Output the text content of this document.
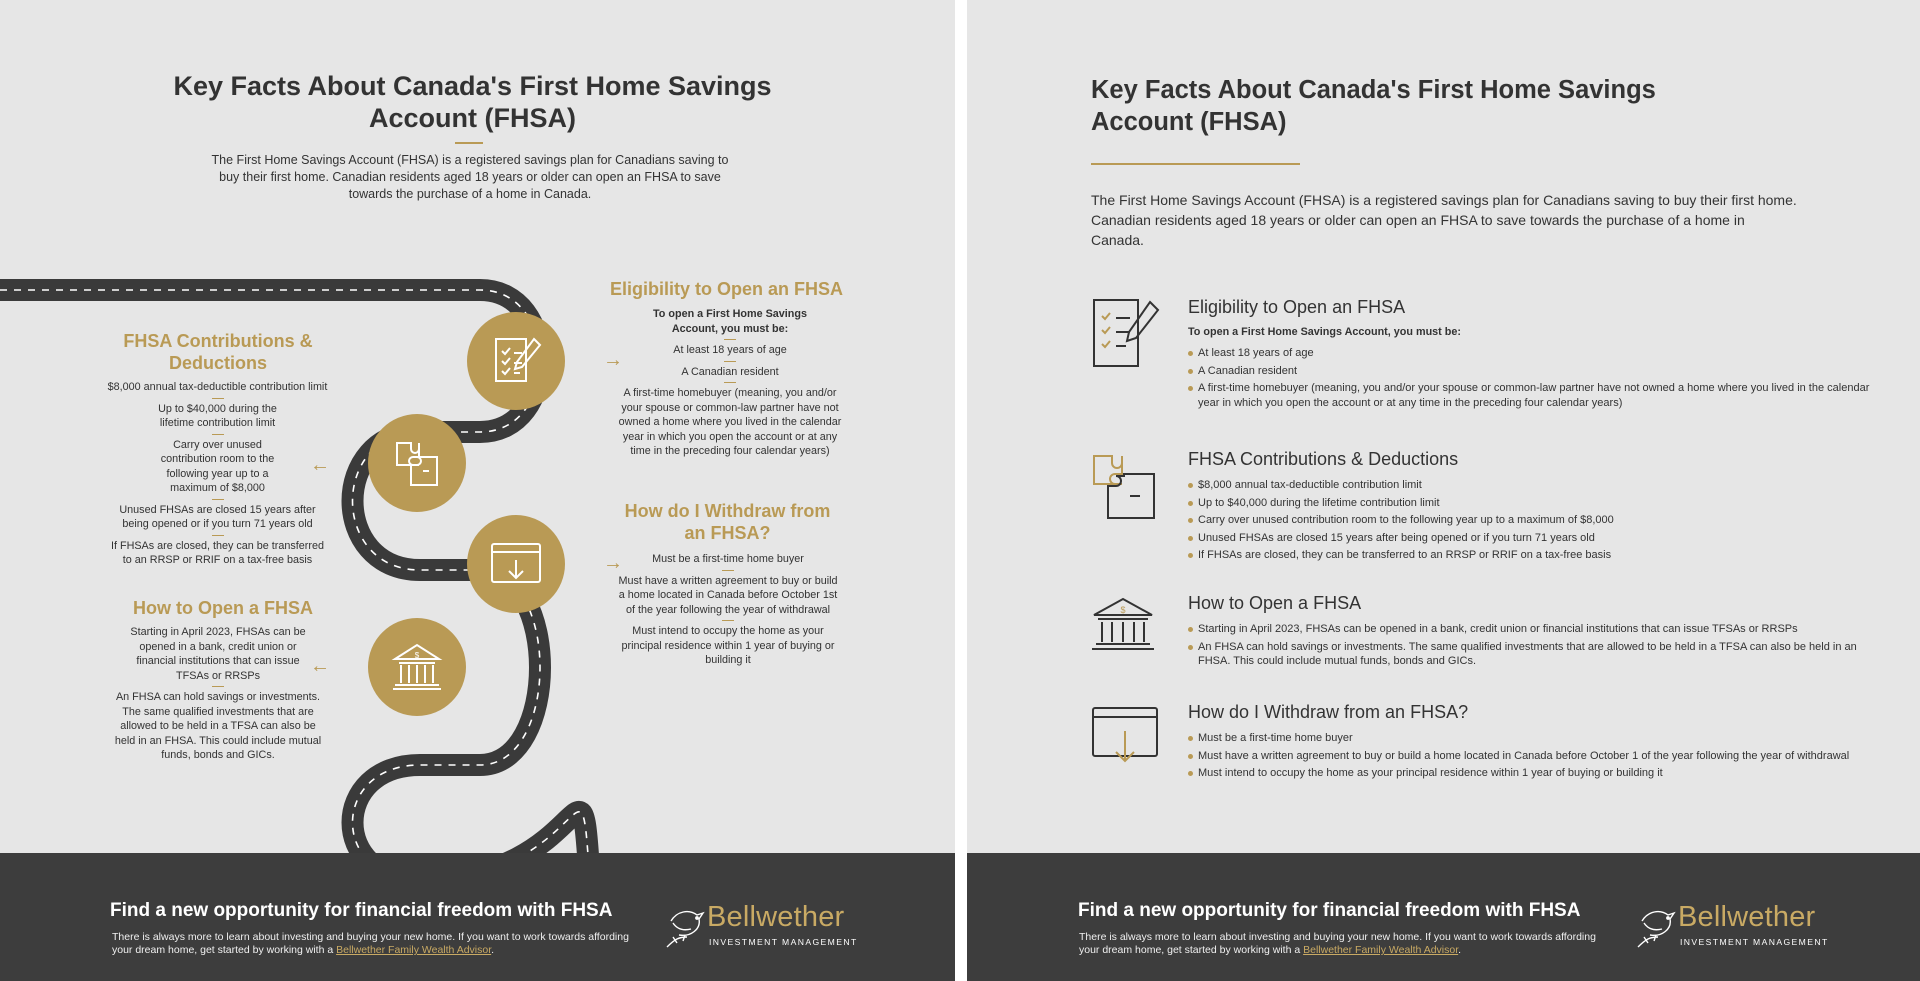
Key Facts About Canada's First Home Savings Account (FHSA)
The First Home Savings Account (FHSA) is a registered savings plan for Canadians saving to buy their first home. Canadian residents aged 18 years or older can open an FHSA to save towards the purchase of a home in Canada.
$
→
←
→
←
Eligibility to Open an FHSA
To open a First Home Savings Account, you must be:
At least 18 years of age
A Canadian resident
A first-time homebuyer (meaning, you and/or your spouse or common-law partner have not owned a home where you lived in the calendar year in which you open the account or at any time in the preceding four calendar years)
FHSA Contributions & Deductions
$8,000 annual tax-deductible contribution limit
Up to $40,000 during the lifetime contribution limit
Carry over unused contribution room to the following year up to a maximum of $8,000
Unused FHSAs are closed 15 years after being opened or if you turn 71 years old
If FHSAs are closed, they can be transferred to an RRSP or RRIF on a tax-free basis
How do I Withdraw from an FHSA?
Must be a first-time home buyer
Must have a written agreement to buy or build a home located in Canada before October 1st of the year following the year of withdrawal
Must intend to occupy the home as your principal residence within 1 year of buying or building it
How to Open a FHSA
Starting in April 2023, FHSAs can be opened in a bank, credit union or financial institutions that can issue TFSAs or RRSPs
An FHSA can hold savings or investments. The same qualified investments that are allowed to be held in a TFSA can also be held in an FHSA. This could include mutual funds, bonds and GICs.
Find a new opportunity for financial freedom with FHSA

There is always more to learn about investing and buying your new home. If you want to work towards affording your dream home, get started by working with a Bellwether Family Wealth Advisor.

Bellwether
INVESTMENT MANAGEMENT
Key Facts About Canada's First Home Savings Account (FHSA)
The First Home Savings Account (FHSA) is a registered savings plan for Canadians saving to buy their first home. Canadian residents aged 18 years or older can open an FHSA to save towards the purchase of a home in Canada.
Eligibility to Open an FHSA
To open a First Home Savings Account, you must be:
At least 18 years of age
A Canadian resident
A first-time homebuyer (meaning, you and/or your spouse or common-law partner have not owned a home where you lived in the calendar year in which you open the account or at any time in the preceding four calendar years)
FHSA Contributions & Deductions
$8,000 annual tax-deductible contribution limit
Up to $40,000 during the lifetime contribution limit
Carry over unused contribution room to the following year up to a maximum of $8,000
Unused FHSAs are closed 15 years after being opened or if you turn 71 years old
If FHSAs are closed, they can be transferred to an RRSP or RRIF on a tax-free basis
$	How to Open a FHSA
Starting in April 2023, FHSAs can be opened in a bank, credit union or financial institutions that can issue TFSAs or RRSPs
An FHSA can hold savings or investments. The same qualified investments that are allowed to be held in a TFSA can also be held in an FHSA. This could include mutual funds, bonds and GICs.
How do I Withdraw from an FHSA?
Must be a first-time home buyer
Must have a written agreement to buy or build a home located in Canada before October 1 of the year following the year of withdrawal
Must intend to occupy the home as your principal residence within 1 year of buying or building it
Find a new opportunity for financial freedom with FHSA

There is always more to learn about investing and buying your new home. If you want to work towards affording your dream home, get started by working with a Bellwether Family Wealth Advisor.

Bellwether
INVESTMENT MANAGEMENT
